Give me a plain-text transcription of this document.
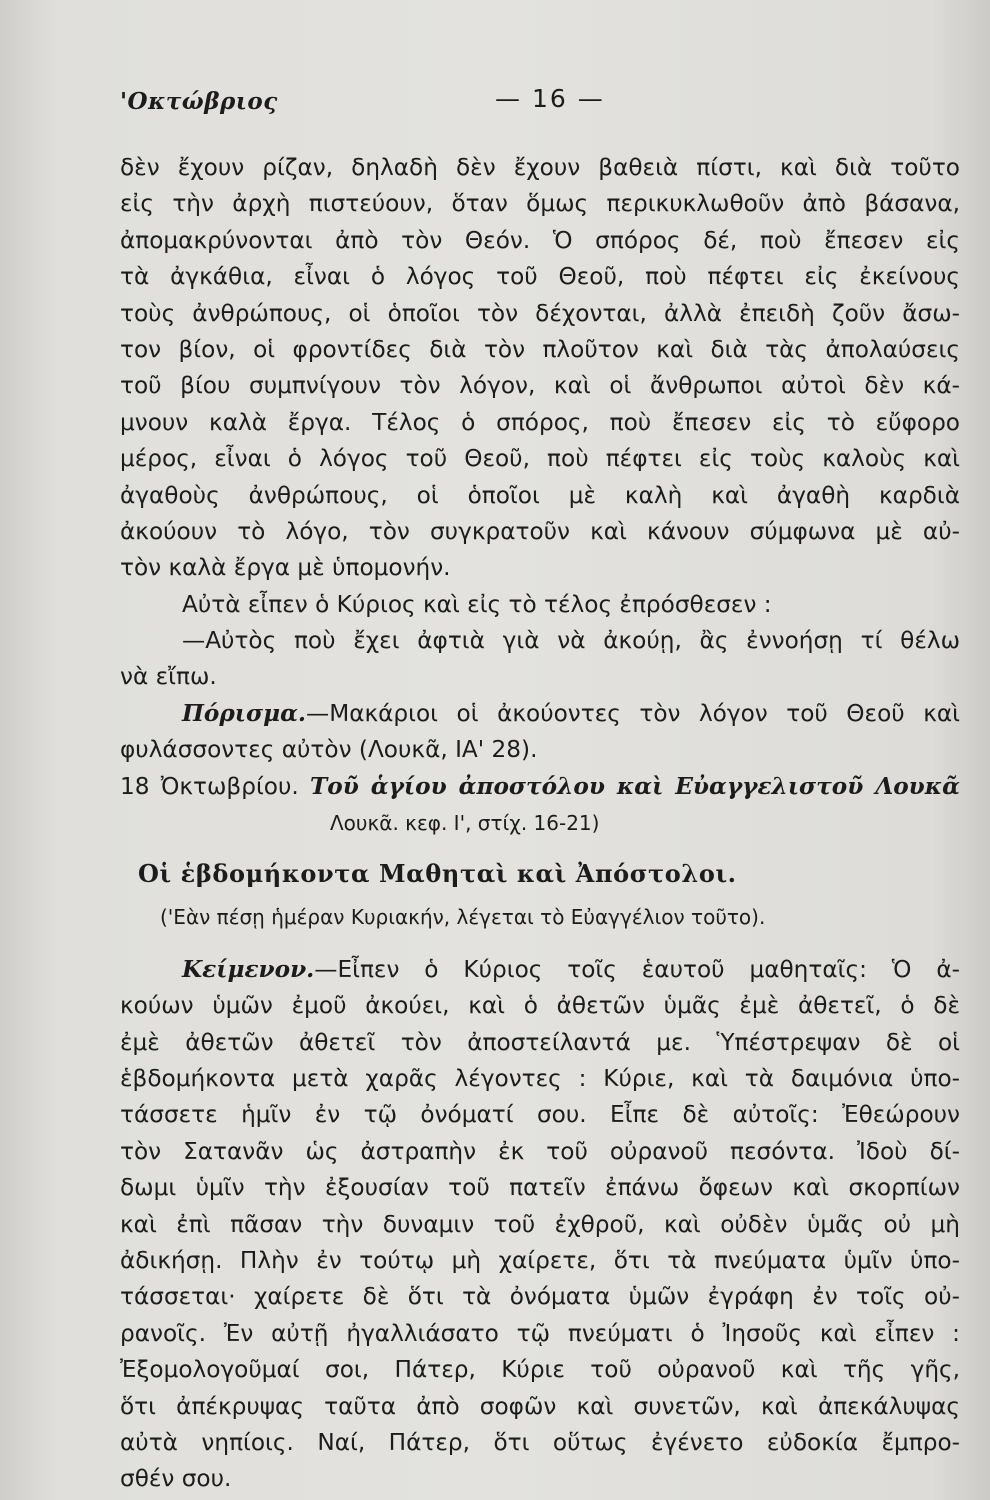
'Οκτώβριος	— 16 —
δὲν ἔχουν ρίζαν, δηλαδὴ δὲν ἔχουν βαθειὰ πίστι, καὶ διὰ τοῦτο
εἰς τὴν ἀρχὴ πιστεύουν, ὅταν ὅμως περικυκλωθοῦν ἀπὸ βάσανα,
ἀπομακρύνονται ἀπὸ τὸν Θεόν. Ὁ σπόρος δέ, ποὺ ἔπεσεν εἰς
τὰ ἀγκάθια, εἶναι ὁ λόγος τοῦ Θεοῦ, ποὺ πέφτει εἰς ἐκείνους
τοὺς ἀνθρώπους, οἱ ὁποῖοι τὸν δέχονται, ἀλλὰ ἐπειδὴ ζοῦν ἄσω-
τον βίον, οἱ φροντίδες διὰ τὸν πλοῦτον καὶ διὰ τὰς ἀπολαύσεις
τοῦ βίου συμπνίγουν τὸν λόγον, καὶ οἱ ἄνθρωποι αὐτοὶ δὲν κά-
μνουν καλὰ ἔργα. Τέλος ὁ σπόρος, ποὺ ἔπεσεν εἰς τὸ εὔφορο
μέρος, εἶναι ὁ λόγος τοῦ Θεοῦ, ποὺ πέφτει εἰς τοὺς καλοὺς καὶ
ἀγαθοὺς ἀνθρώπους, οἱ ὁποῖοι μὲ καλὴ καὶ ἀγαθὴ καρδιὰ
ἀκούουν τὸ λόγο, τὸν συγκρατοῦν καὶ κάνουν σύμφωνα μὲ αὐ-
τὸν καλὰ ἔργα μὲ ὑπομονήν.
Αὐτὰ εἶπεν ὁ Κύριος καὶ εἰς τὸ τέλος ἐπρόσθεσεν :
—Αὐτὸς ποὺ ἔχει ἀφτιὰ γιὰ νὰ ἀκούῃ, ἂς ἐννοήσῃ τί θέλω
νὰ εἴπω.
Πόρισμα.—Μακάριοι οἱ ἀκούοντες τὸν λόγον τοῦ Θεοῦ καὶ
φυλάσσοντες αὐτὸν (Λουκᾶ, ΙΑ' 28).
18 Ὀκτωβρίου. Τοῦ ἁγίου ἀποστόλου καὶ Εὐαγγελιστοῦ Λουκᾶ
Λουκᾶ. κεφ. Ι', στίχ. 16-21)
Οἱ ἑβδομήκοντα Μαθηταὶ καὶ Ἀπόστολοι.
('Εὰν πέσῃ ἡμέραν Κυριακήν, λέγεται τὸ Εὐαγγέλιον τοῦτο).
Κείμενον.—Εἶπεν ὁ Κύριος τοῖς ἑαυτοῦ μαθηταῖς: Ὁ ἀ-
κούων ὑμῶν ἐμοῦ ἀκούει, καὶ ὁ ἀθετῶν ὑμᾶς ἐμὲ ἀθετεῖ, ὁ δὲ
ἐμὲ ἀθετῶν ἀθετεῖ τὸν ἀποστείλαντά με. Ὑπέστρεψαν δὲ οἱ
ἑβδομήκοντα μετὰ χαρᾶς λέγοντες : Κύριε, καὶ τὰ δαιμόνια ὑπο-
τάσσετε ἡμῖν ἐν τῷ ὀνόματί σου. Εἶπε δὲ αὐτοῖς: Ἐθεώρουν
τὸν Σατανᾶν ὡς ἀστραπὴν ἐκ τοῦ οὐρανοῦ πεσόντα. Ἰδοὺ δί-
δωμι ὑμῖν τὴν ἐξουσίαν τοῦ πατεῖν ἐπάνω ὄφεων καὶ σκορπίων
καὶ ἐπὶ πᾶσαν τὴν δυναμιν τοῦ ἐχθροῦ, καὶ οὐδὲν ὑμᾶς οὐ μὴ
ἀδικήσῃ. Πλὴν ἐν τούτῳ μὴ χαίρετε, ὅτι τὰ πνεύματα ὑμῖν ὑπο-
τάσσεται· χαίρετε δὲ ὅτι τὰ ὀνόματα ὑμῶν ἐγράφη ἐν τοῖς οὐ-
ρανοῖς. Ἐν αὐτῇ ἠγαλλιάσατο τῷ πνεύματι ὁ Ἰησοῦς καὶ εἶπεν :
Ἐξομολογοῦμαί σοι, Πάτερ, Κύριε τοῦ οὐρανοῦ καὶ τῆς γῆς,
ὅτι ἀπέκρυψας ταῦτα ἀπὸ σοφῶν καὶ συνετῶν, καὶ ἀπεκάλυψας
αὐτὰ νηπίοις. Ναί, Πάτερ, ὅτι οὕτως ἐγένετο εὐδοκία ἔμπρο-
σθέν σου.
